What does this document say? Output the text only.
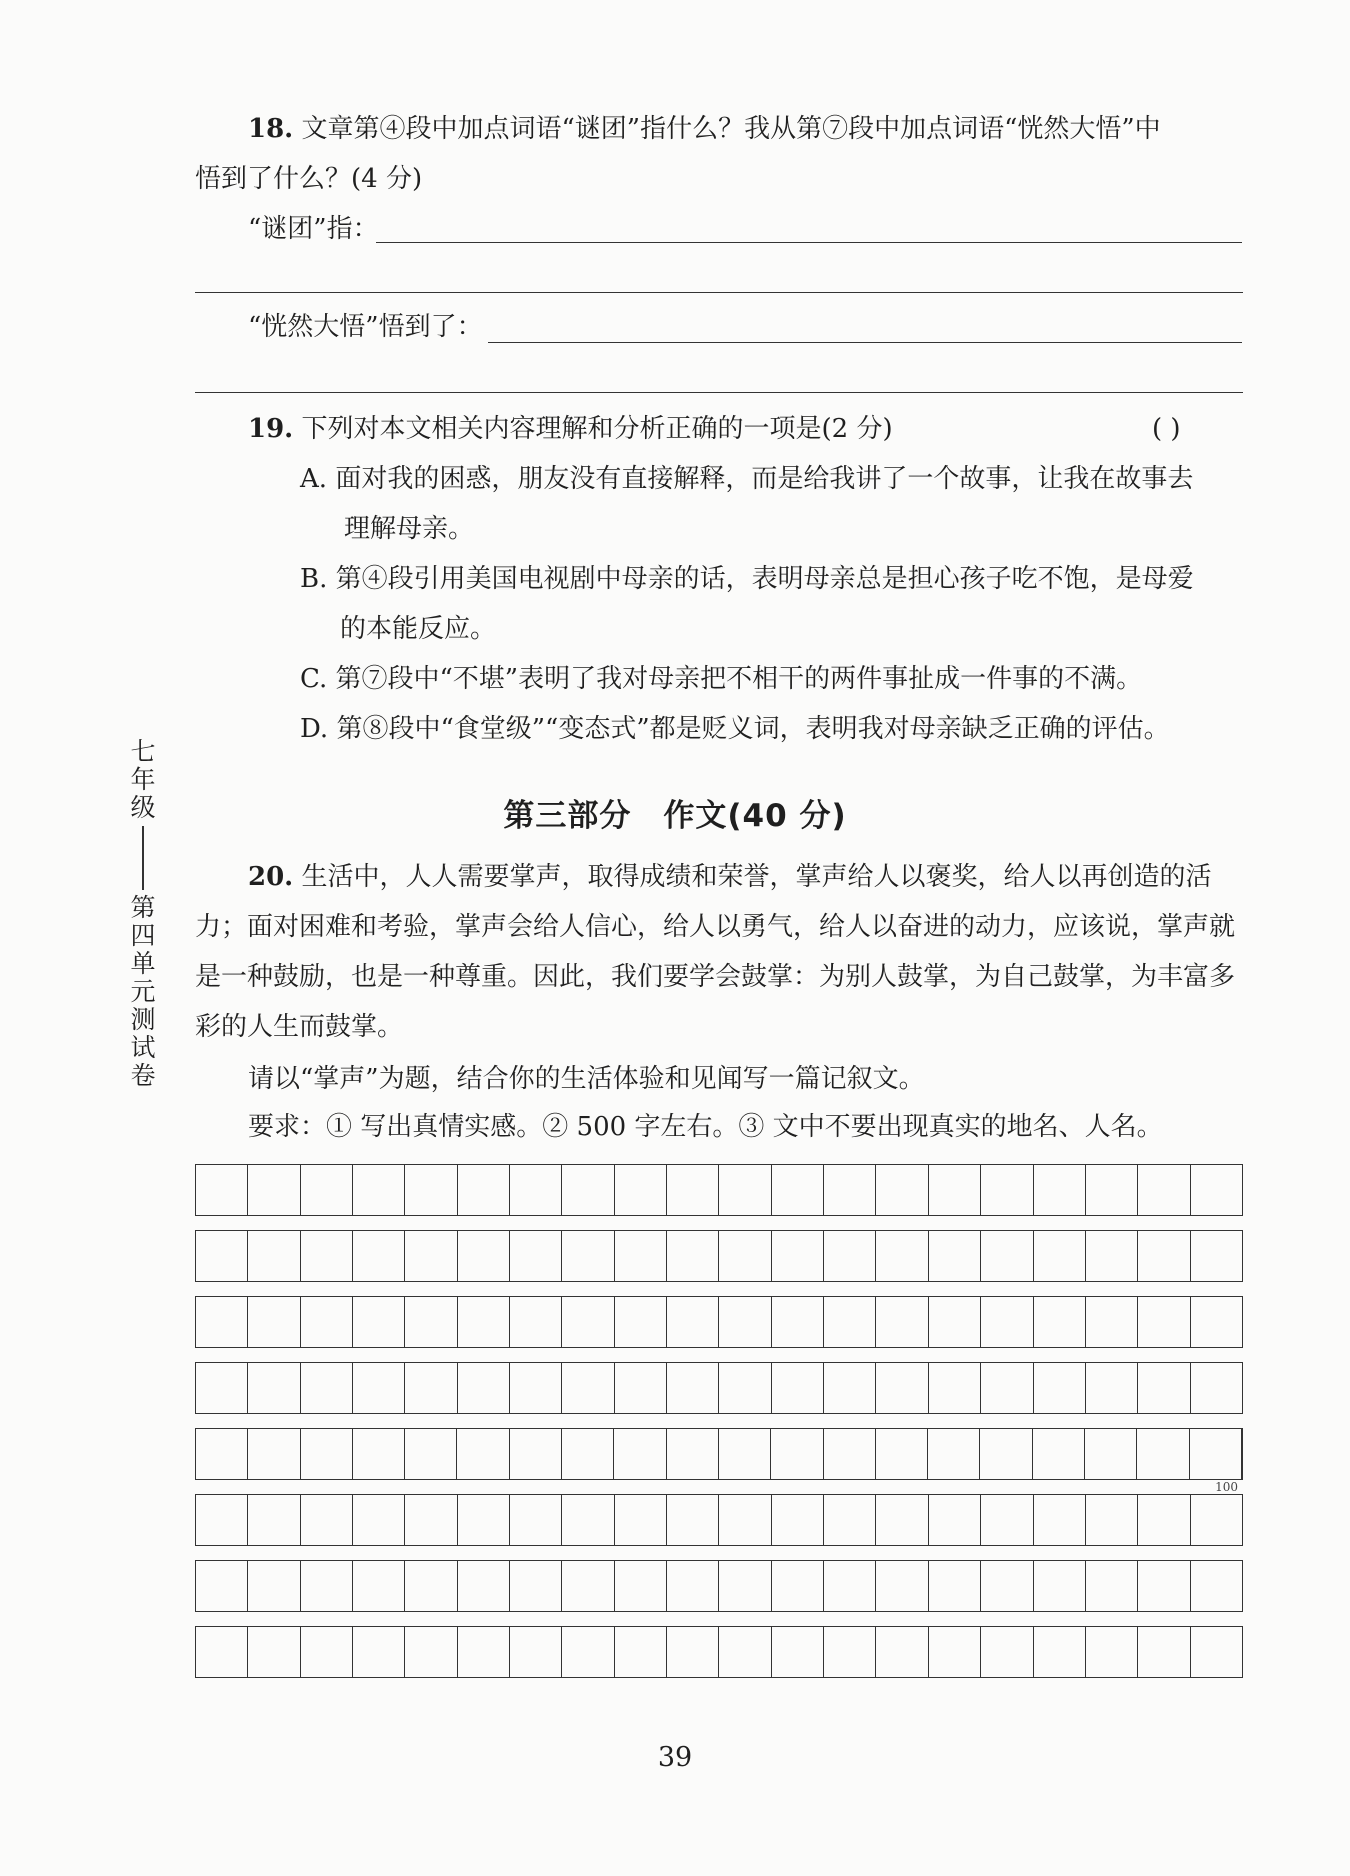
18. 文章第④段中加点词语“谜团”指什么？我从第⑦段中加点词语“恍然大悟”中
悟到了什么？(4 分)
“谜团”指：
“恍然大悟”悟到了：
19. 下列对本文相关内容理解和分析正确的一项是(2 分)	( )
A. 面对我的困惑，朋友没有直接解释，而是给我讲了一个故事，让我在故事去
理解母亲。
B. 第④段引用美国电视剧中母亲的话，表明母亲总是担心孩子吃不饱，是母爱
的本能反应。
C. 第⑦段中“不堪”表明了我对母亲把不相干的两件事扯成一件事的不满。
D. 第⑧段中“食堂级”“变态式”都是贬义词，表明我对母亲缺乏正确的评估。
第三部分　作文(40 分)
七
年
级
第
四
单
元
测
试
卷
20. 生活中，人人需要掌声，取得成绩和荣誉，掌声给人以褒奖，给人以再创造的活
力；面对困难和考验，掌声会给人信心，给人以勇气，给人以奋进的动力，应该说，掌声就
是一种鼓励，也是一种尊重。因此，我们要学会鼓掌：为别人鼓掌，为自己鼓掌，为丰富多
彩的人生而鼓掌。
请以“掌声”为题，结合你的生活体验和见闻写一篇记叙文。
要求：① 写出真情实感。② 500 字左右。③ 文中不要出现真实的地名、人名。
100
39
